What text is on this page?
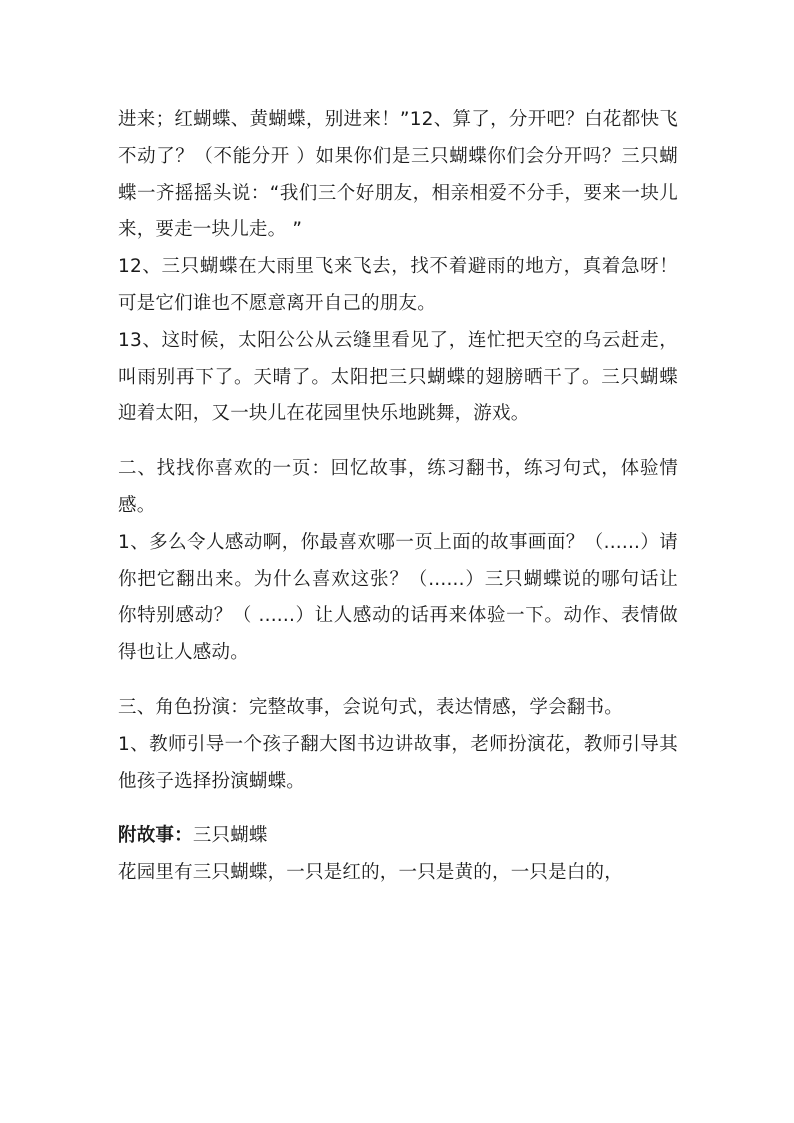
进来；红蝴蝶、黄蝴蝶，别进来！”12、算了，分开吧？白花都快飞不动了？（不能分开 ）如果你们是三只蝴蝶你们会分开吗？三只蝴蝶一齐摇摇头说：“我们三个好朋友，相亲相爱不分手，要来一块儿来，要走一块儿走。 ”

12、三只蝴蝶在大雨里飞来飞去，找不着避雨的地方，真着急呀！可是它们谁也不愿意离开自己的朋友。

13、这时候，太阳公公从云缝里看见了，连忙把天空的乌云赶走，叫雨别再下了。天晴了。太阳把三只蝴蝶的翅膀晒干了。三只蝴蝶迎着太阳，又一块儿在花园里快乐地跳舞，游戏。

二、找找你喜欢的一页：回忆故事，练习翻书，练习句式，体验情感。

1、多么令人感动啊，你最喜欢哪一页上面的故事画面？（......）请你把它翻出来。为什么喜欢这张？（......）三只蝴蝶说的哪句话让你特别感动？（ ......）让人感动的话再来体验一下。动作、表情做得也让人感动。

三、角色扮演：完整故事，会说句式，表达情感，学会翻书。

1、教师引导一个孩子翻大图书边讲故事，老师扮演花，教师引导其他孩子选择扮演蝴蝶。

附故事：三只蝴蝶

花园里有三只蝴蝶，一只是红的，一只是黄的，一只是白的，
